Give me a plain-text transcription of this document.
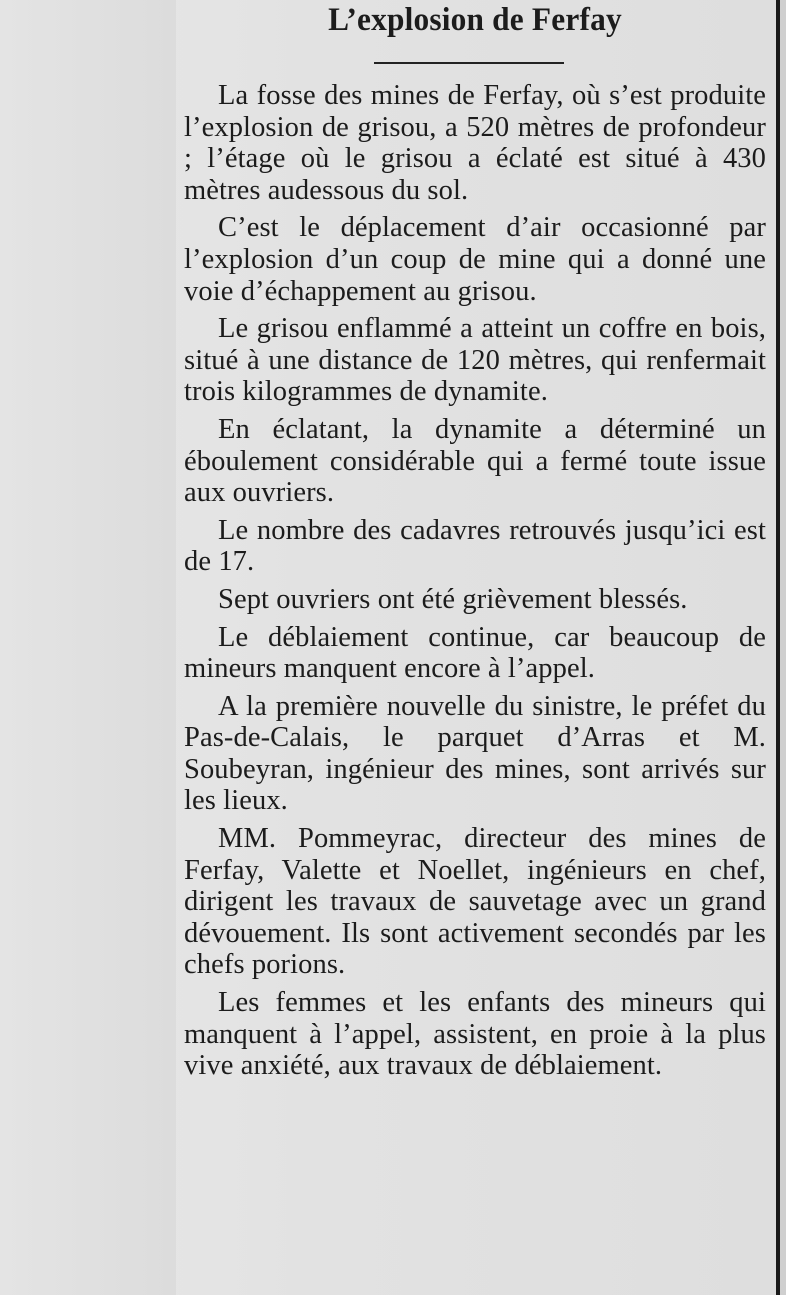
L’explosion de Ferfay

La fosse des mines de Ferfay, où s’est produite l’explosion de grisou, a 520 mètres de profondeur ; l’étage où le grisou a éclaté est situé à 430 mètres audessous du sol.

C’est le déplacement d’air occasionné par l’explosion d’un coup de mine qui a donné une voie d’échappement au grisou.

Le grisou enflammé a atteint un coffre en bois, situé à une distance de 120 mètres, qui renfermait trois kilogrammes de dynamite.

En éclatant, la dynamite a déterminé un éboulement considérable qui a fermé toute issue aux ouvriers.

Le nombre des cadavres retrouvés jusqu’ici est de 17.

Sept ouvriers ont été grièvement blessés.

Le déblaiement continue, car beaucoup de mineurs manquent encore à l’appel.

A la première nouvelle du sinistre, le préfet du Pas-de-Calais, le parquet d’Arras et M. Soubeyran, ingénieur des mines, sont arrivés sur les lieux.

MM. Pommeyrac, directeur des mines de Ferfay, Valette et Noellet, ingénieurs en chef, dirigent les travaux de sauvetage avec un grand dévouement. Ils sont activement secondés par les chefs porions.

Les femmes et les enfants des mineurs qui manquent à l’appel, assistent, en proie à la plus vive anxiété, aux travaux de déblaiement.
